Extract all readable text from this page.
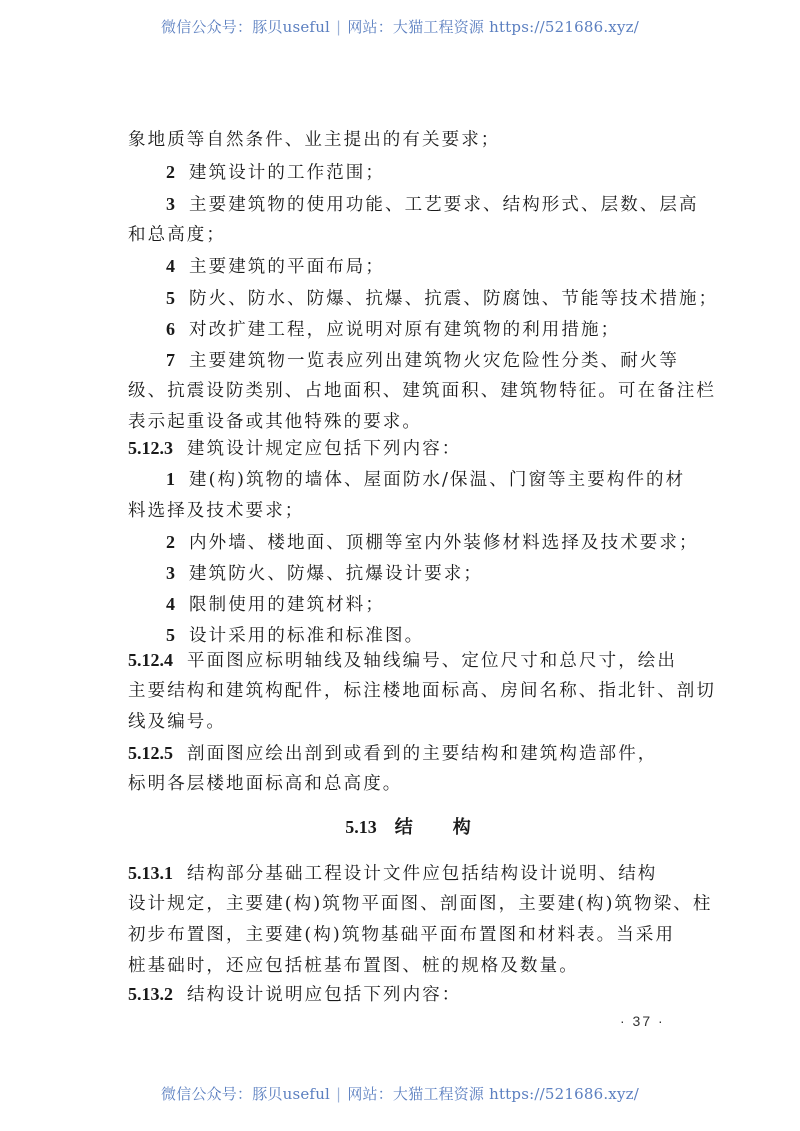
微信公众号：豚贝useful | 网站：大猫工程资源 https://521686.xyz/
象地质等自然条件、业主提出的有关要求；
2 建筑设计的工作范围；
3 主要建筑物的使用功能、工艺要求、结构形式、层数、层高
和总高度；
4 主要建筑的平面布局；
5 防火、防水、防爆、抗爆、抗震、防腐蚀、节能等技术措施；
6 对改扩建工程，应说明对原有建筑物的利用措施；
7 主要建筑物一览表应列出建筑物火灾危险性分类、耐火等
级、抗震设防类别、占地面积、建筑面积、建筑物特征。可在备注栏
表示起重设备或其他特殊的要求。
5.12.3 建筑设计规定应包括下列内容：
1 建(构)筑物的墙体、屋面防水/保温、门窗等主要构件的材
料选择及技术要求；
2 内外墙、楼地面、顶棚等室内外装修材料选择及技术要求；
3 建筑防火、防爆、抗爆设计要求；
4 限制使用的建筑材料；
5 设计采用的标准和标准图。
5.12.4 平面图应标明轴线及轴线编号、定位尺寸和总尺寸，绘出
主要结构和建筑构配件，标注楼地面标高、房间名称、指北针、剖切
线及编号。
5.12.5 剖面图应绘出剖到或看到的主要结构和建筑构造部件，
标明各层楼地面标高和总高度。
5.13 结 构
5.13.1 结构部分基础工程设计文件应包括结构设计说明、结构
设计规定，主要建(构)筑物平面图、剖面图，主要建(构)筑物梁、柱
初步布置图，主要建(构)筑物基础平面布置图和材料表。当采用
桩基础时，还应包括桩基布置图、桩的规格及数量。
5.13.2 结构设计说明应包括下列内容：
· 37 ·
微信公众号：豚贝useful | 网站：大猫工程资源 https://521686.xyz/
